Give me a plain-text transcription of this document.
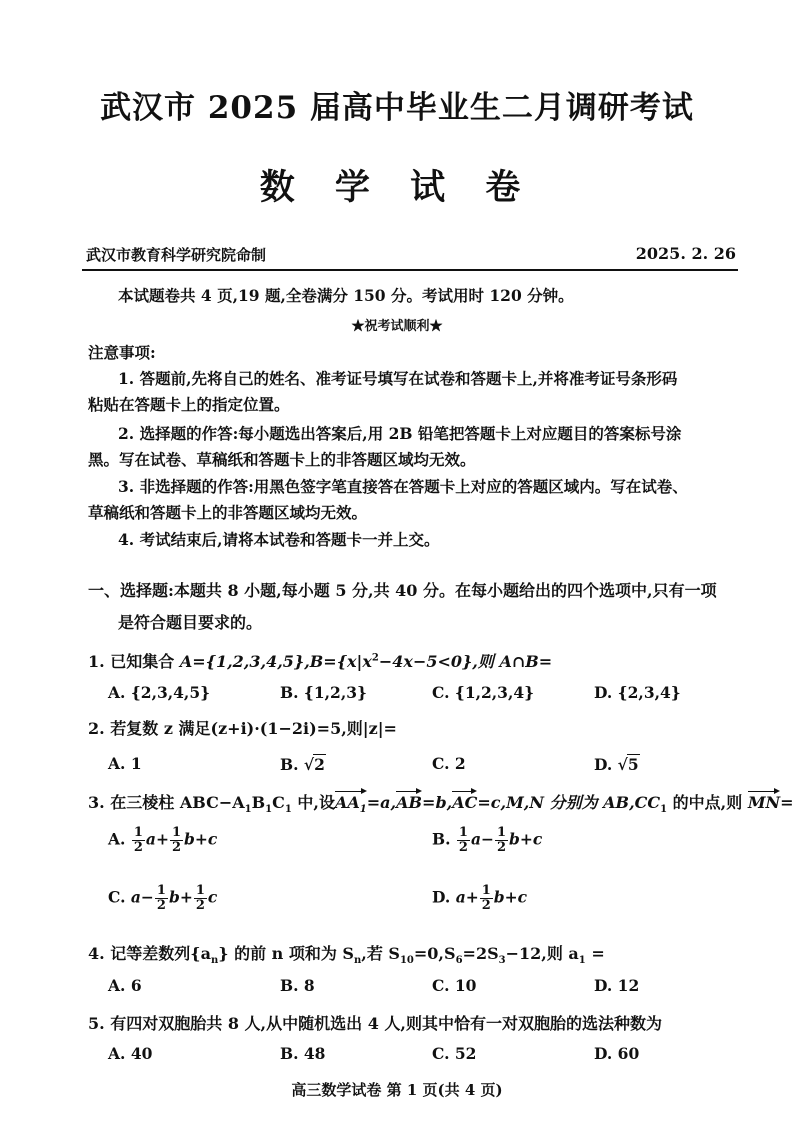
武汉市 2025 届高中毕业生二月调研考试
数 学 试 卷
武汉市教育科学研究院命制	2025. 2. 26
本试题卷共 4 页,19 题,全卷满分 150 分。考试用时 120 分钟。
★祝考试顺利★
注意事项:
1. 答题前,先将自己的姓名、准考证号填写在试卷和答题卡上,并将准考证号条形码
粘贴在答题卡上的指定位置。
2. 选择题的作答:每小题选出答案后,用 2B 铅笔把答题卡上对应题目的答案标号涂
黑。写在试卷、草稿纸和答题卡上的非答题区域均无效。
3. 非选择题的作答:用黑色签字笔直接答在答题卡上对应的答题区域内。写在试卷、
草稿纸和答题卡上的非答题区域均无效。
4. 考试结束后,请将本试卷和答题卡一并上交。
一、选择题:本题共 8 小题,每小题 5 分,共 40 分。在每小题给出的四个选项中,只有一项
是符合题目要求的。
1. 已知集合 $A=\{1,2,3,4,5\},B=\{x|x^2-4x-5<0\}$,则 A∩B=
A. {2,3,4,5}	B. {1,2,3}	C. {1,2,3,4}	D. {2,3,4}
2. 若复数 z 满足(z+i)·(1−2i)=5,则|z|=
A. 1	B. √2	C. 2	D. √5
3. 在三棱柱 $ABC-A_1B_1C_1$ 中,设$AA_1=a,AB=b,AC=c,M,N$ 分别为 $AB,CC_1$ 的中点,则 MN=
A. $\frac{1}{2} a+ \frac{1}{2} b+c$	B. $\frac{1}{2} a- \frac{1}{2} b+c$
C. $a- \frac{1}{2} b+ \frac{1}{2}$ c	D. $a+ \frac{1}{2} b+c$
4. 记等差数列$\{a_n\}$ 的前 n 项和为 $S_n$,若 $S_{10}=0,S_6=2S_3-12$,则 $a_1$ =
A. 6	B. 8	C. 10	D. 12
5. 有四对双胞胎共 8 人,从中随机选出 4 人,则其中恰有一对双胞胎的选法种数为
A. 40	B. 48	C. 52	D. 60
高三数学试卷 第 1 页(共 4 页)
